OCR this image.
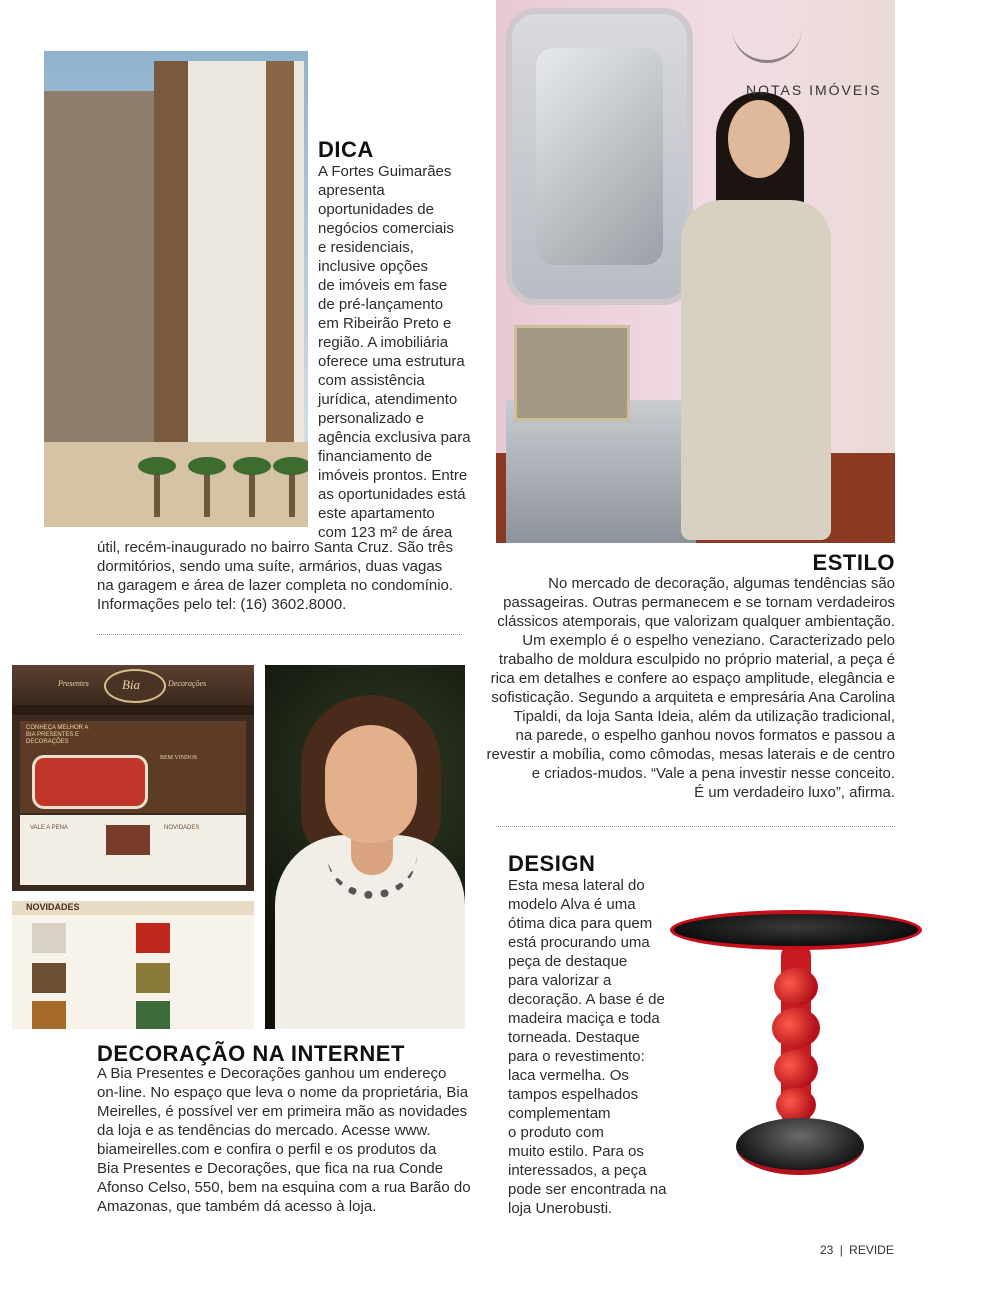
DICA
A Fortes Guimarães
apresenta
oportunidades de
negócios comerciais
e residenciais,
inclusive opções
de imóveis em fase
de pré-lançamento
em Ribeirão Preto e
região. A imobiliária
oferece uma estrutura
com assistência
jurídica, atendimento
personalizado e
agência exclusiva para
financiamento de
imóveis prontos. Entre
as oportunidades está
este apartamento
com 123 m² de área
útil, recém-inaugurado no bairro Santa Cruz. São três
dormitórios, sendo uma suíte, armários, duas vagas
na garagem e área de lazer completa no condomínio.
Informações pelo tel: (16) 3602.8000.
NOTAS IMÓVEIS
ESTILO
No mercado de decoração, algumas tendências são
passageiras. Outras permanecem e se tornam verdadeiros
clássicos atemporais, que valorizam qualquer ambientação.
Um exemplo é o espelho veneziano. Caracterizado pelo
trabalho de moldura esculpido no próprio material, a peça é
rica em detalhes e confere ao espaço amplitude, elegância e
sofisticação. Segundo a arquiteta e empresária Ana Carolina
Tipaldi, da loja Santa Ideia, além da utilização tradicional,
na parede, o espelho ganhou novos formatos e passou a
revestir a mobília, como cômodas, mesas laterais e de centro
e criados-mudos. “Vale a pena investir nesse conceito.
É um verdadeiro luxo”, afirma.
Presentes	Bia	Decorações
CONHEÇA MELHOR A BIA PRESENTES E DECORAÇÕES
BEM VINDOS
VALE A PENA	NOVIDADES
NOVIDADES
DECORAÇÃO NA INTERNET
A Bia Presentes e Decorações ganhou um endereço
on-line. No espaço que leva o nome da proprietária, Bia
Meirelles, é possível ver em primeira mão as novidades
da loja e as tendências do mercado. Acesse www.
biameirelles.com e confira o perfil e os produtos da
Bia Presentes e Decorações, que fica na rua Conde
Afonso Celso, 550, bem na esquina com a rua Barão do
Amazonas, que também dá acesso à loja.
DESIGN
Esta mesa lateral do
modelo Alva é uma
ótima dica para quem
está procurando uma
peça de destaque
para valorizar a
decoração. A base é de
madeira maciça e toda
torneada. Destaque
para o revestimento:
laca vermelha. Os
tampos espelhados
complementam
o produto com
muito estilo. Para os
interessados, a peça
pode ser encontrada na
loja Unerobusti.
23 | REVIDE
